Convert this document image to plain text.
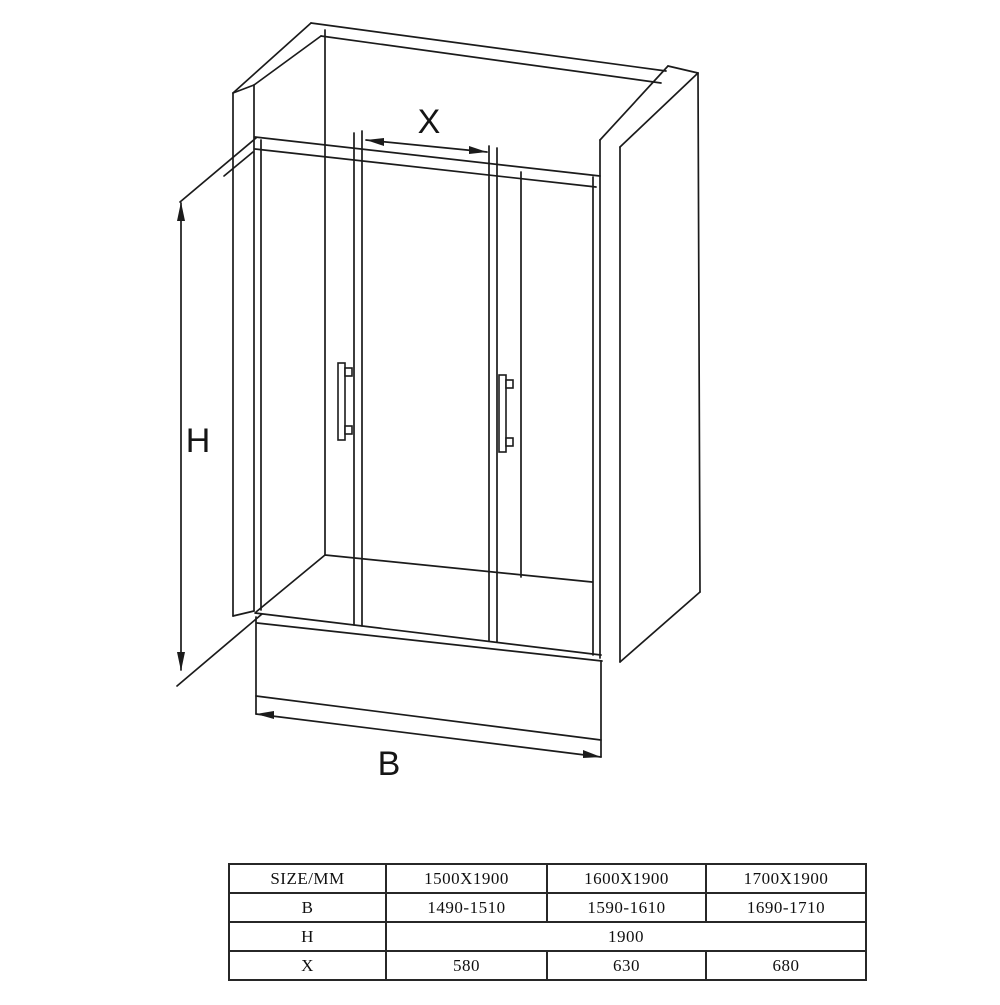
X
H
B
SIZE/MM	1500X1900	1600X1900	1700X1900
B	1490-1510	1590-1610	1690-1710
H	1900		
X	580	630	680
